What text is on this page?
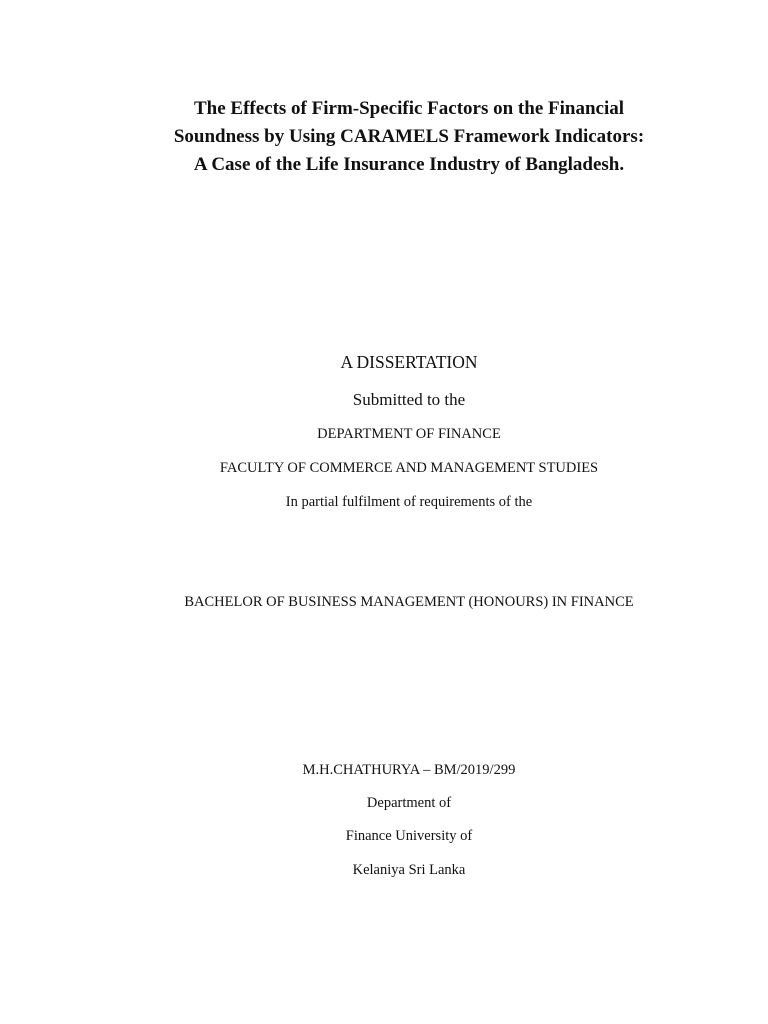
The Effects of Firm-Specific Factors on the Financial

Soundness by Using CARAMELS Framework Indicators:

A Case of the Life Insurance Industry of Bangladesh.

A DISSERTATION

Submitted to the

DEPARTMENT OF FINANCE

FACULTY OF COMMERCE AND MANAGEMENT STUDIES

In partial fulfilment of requirements of the

BACHELOR OF BUSINESS MANAGEMENT (HONOURS) IN FINANCE

M.H.CHATHURYA – BM/2019/299

Department of

Finance University of

Kelaniya Sri Lanka
